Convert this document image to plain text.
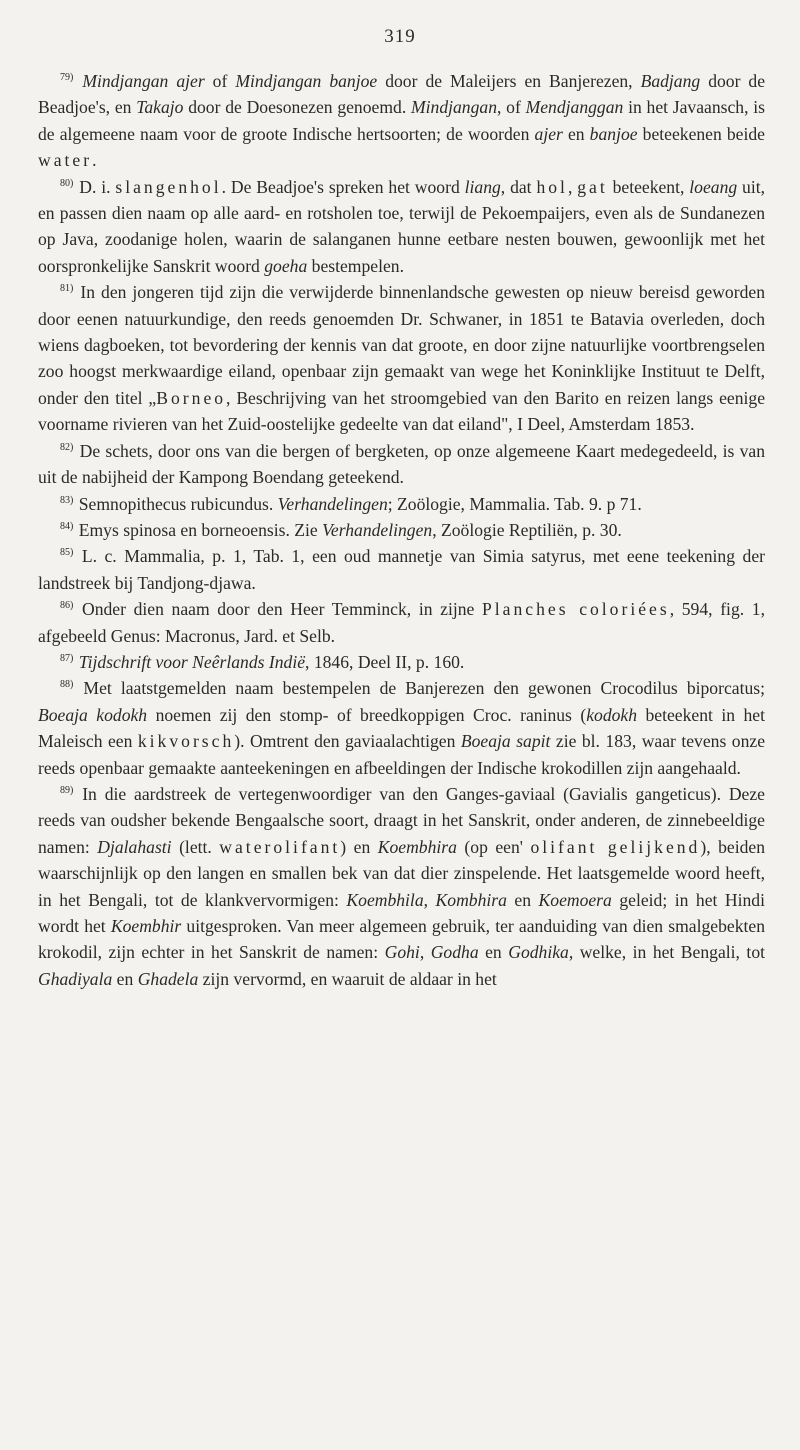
319

$^{79)}$ Mindjangan ajer of Mindjangan banjoe door de Maleijers en Banjerezen, Badjang door de Beadjoe's, en Takajo door de Doesonezen genoemd. Mindjangan, of Mendjanggan in het Javaansch, is de algemeene naam voor de groote Indische hertsoorten; de woorden ajer en banjoe beteekenen beide water.

$^{80)}$ D. i. slangenhol. De Beadjoe's spreken het woord liang, dat hol, gat beteekent, loeang uit, en passen dien naam op alle aard- en rotsholen toe, terwijl de Pekoempaijers, even als de Sundanezen op Java, zoodanige holen, waarin de salanganen hunne eetbare nesten bouwen, gewoonlijk met het oorspronkelijke Sanskrit woord goeha bestempelen.

$^{81)}$ In den jongeren tijd zijn die verwijderde binnenlandsche gewesten op nieuw bereisd geworden door eenen natuurkundige, den reeds genoemden Dr. Schwaner, in 1851 te Batavia overleden, doch wiens dagboeken, tot bevordering der kennis van dat groote, en door zijne natuurlijke voortbrengselen zoo hoogst merkwaardige eiland, openbaar zijn gemaakt van wege het Koninklijke Instituut te Delft, onder den titel „Borneo, Beschrijving van het stroomgebied van den Barito en reizen langs eenige voorname rivieren van het Zuid-oostelijke gedeelte van dat eiland", I Deel, Amsterdam 1853.

$^{82)}$ De schets, door ons van die bergen of bergketen, op onze algemeene Kaart medegedeeld, is van uit de nabijheid der Kampong Boendang geteekend.

$^{83)}$ Semnopithecus rubicundus. Verhandelingen; Zoölogie, Mammalia. Tab. 9. p 71.

$^{84)}$ Emys spinosa en borneoensis. Zie Verhandelingen, Zoölogie Reptiliën, p. 30.

$^{85)}$ L. c. Mammalia, p. 1, Tab. 1, een oud mannetje van Simia satyrus, met eene teekening der landstreek bij Tandjong-djawa.

$^{86)}$ Onder dien naam door den Heer Temminck, in zijne Planches coloriées, 594, fig. 1, afgebeeld Genus: Macronus, Jard. et Selb.

$^{87)}$ Tijdschrift voor Neêrlands Indië, 1846, Deel II, p. 160.

$^{88)}$ Met laatstgemelden naam bestempelen de Banjerezen den gewonen Crocodilus biporcatus; Boeaja kodokh noemen zij den stomp- of breedkoppigen Croc. raninus (kodokh beteekent in het Maleisch een kikvorsch). Omtrent den gaviaalachtigen Boeaja sapit zie bl. 183, waar tevens onze reeds openbaar gemaakte aanteekeningen en afbeeldingen der Indische krokodillen zijn aangehaald.

$^{89)}$ In die aardstreek de vertegenwoordiger van den Ganges-gaviaal (Gavialis gangeticus). Deze reeds van oudsher bekende Bengaalsche soort, draagt in het Sanskrit, onder anderen, de zinnebeeldige namen: Djalahasti (lett. waterolifant) en Koembhira (op een' olifant gelijkend), beiden waarschijnlijk op den langen en smallen bek van dat dier zinspelende. Het laatsgemelde woord heeft, in het Bengali, tot de klankvervormigen: Koembhila, Kombhira en Koemoera geleid; in het Hindi wordt het Koembhir uitgesproken. Van meer algemeen gebruik, ter aanduiding van dien smalgebekten krokodil, zijn echter in het Sanskrit de namen: Gohi, Godha en Godhika, welke, in het Bengali, tot Ghadiyala en Ghadela zijn vervormd, en waaruit de aldaar in het
